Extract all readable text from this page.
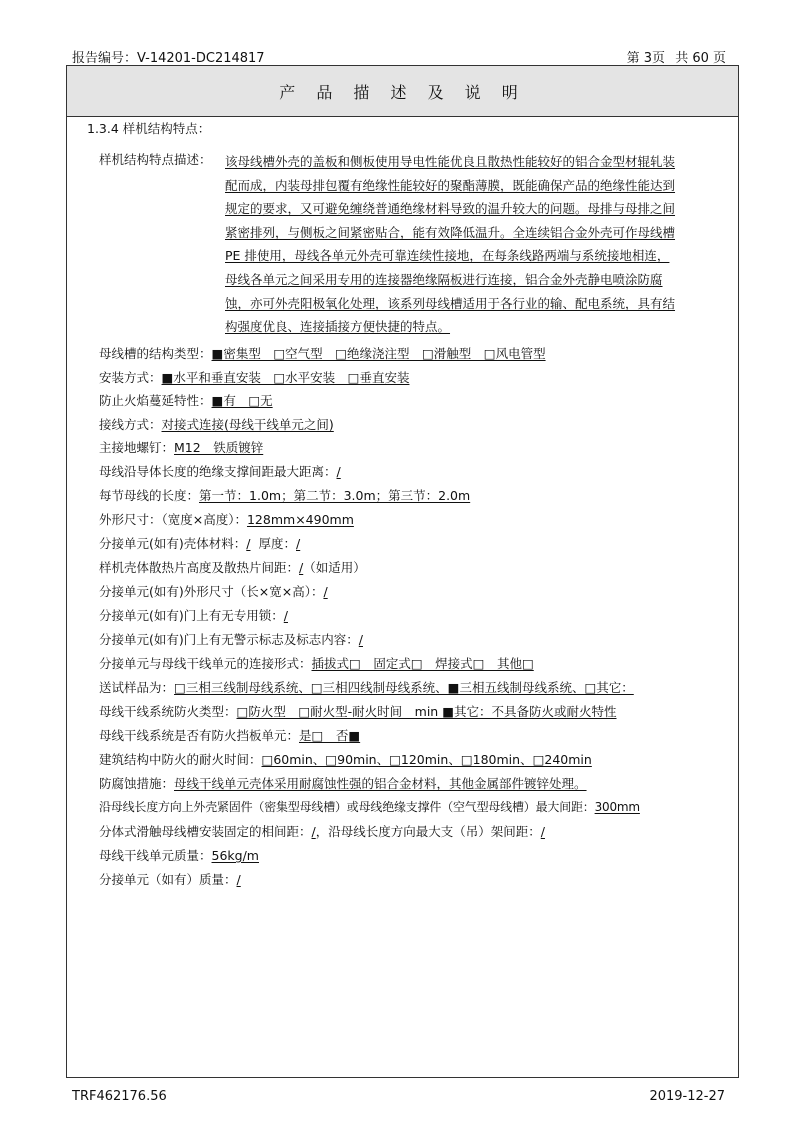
报告编号：V-14201-DC214817	第 3页 共 60 页
产 品 描 述 及 说 明
1.3.4 样机结构特点：
样机结构特点描述： 该母线槽外壳的盖板和侧板使用导电性能优良且散热性能较好的铝合金型材辊轧装
配而成，内装母排包覆有绝缘性能较好的聚酯薄膜，既能确保产品的绝缘性能达到
规定的要求，又可避免缠绕普通绝缘材料导致的温升较大的问题。母排与母排之间
紧密排列，与侧板之间紧密贴合，能有效降低温升。全连续铝合金外壳可作母线槽
PE 排使用，母线各单元外壳可靠连续性接地，在每条线路两端与系统接地相连，
母线各单元之间采用专用的连接器绝缘隔板进行连接，铝合金外壳静电喷涂防腐
蚀，亦可外壳阳极氧化处理，该系列母线槽适用于各行业的输、配电系统，具有结
构强度优良、连接插接方便快捷的特点。
母线槽的结构类型：■密集型　□空气型　□绝缘浇注型　□滑触型　□风电管型
安装方式：■水平和垂直安装　□水平安装　□垂直安装
防止火焰蔓延特性：■有　□无
接线方式：对接式连接(母线干线单元之间)
主接地螺钉：M12　铁质镀锌
母线沿导体长度的绝缘支撑间距最大距离：/
每节母线的长度：第一节：1.0m；第二节：3.0m；第三节：2.0m
外形尺寸：（宽度×高度）：128mm×490mm
分接单元(如有)壳体材料：/ 厚度：/
样机壳体散热片高度及散热片间距：/（如适用）
分接单元(如有)外形尺寸（长×宽×高）：/
分接单元(如有)门上有无专用锁：/
分接单元(如有)门上有无警示标志及标志内容：/
分接单元与母线干线单元的连接形式：插拔式□　固定式□　焊接式□　其他□
送试样品为：□三相三线制母线系统、□三相四线制母线系统、■三相五线制母线系统、□其它：
母线干线系统防火类型：□防火型　□耐火型-耐火时间　min ■其它：不具备防火或耐火特性
母线干线系统是否有防火挡板单元：是□　否■
建筑结构中防火的耐火时间：□60min、□90min、□120min、□180min、□240min
防腐蚀措施：母线干线单元壳体采用耐腐蚀性强的铝合金材料，其他金属部件镀锌处理。
沿母线长度方向上外壳紧固件（密集型母线槽）或母线绝缘支撑件（空气型母线槽）最大间距：300mm
分体式滑触母线槽安装固定的相间距：/，沿母线长度方向最大支（吊）架间距：/
母线干线单元质量：56kg/m
分接单元（如有）质量：/
TRF462176.56	2019-12-27
